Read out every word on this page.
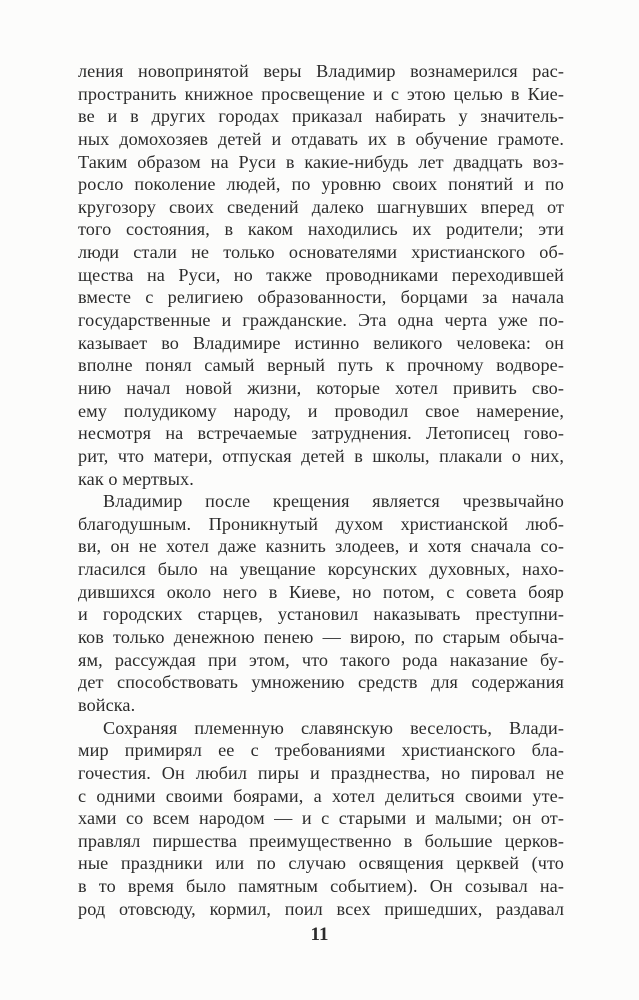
ления новопринятой веры Владимир вознамерился рас-
пространить книжное просвещение и с этою целью в Кие-
ве и в других городах приказал набирать у значитель-
ных домохозяев детей и отдавать их в обучение грамоте.
Таким образом на Руси в какие-нибудь лет двадцать воз-
росло поколение людей, по уровню своих понятий и по
кругозору своих сведений далеко шагнувших вперед от
того состояния, в каком находились их родители; эти
люди стали не только основателями христианского об-
щества на Руси, но также проводниками переходившей
вместе с религиею образованности, борцами за начала
государственные и гражданские. Эта одна черта уже по-
казывает во Владимире истинно великого человека: он
вполне понял самый верный путь к прочному водворе-
нию начал новой жизни, которые хотел привить сво-
ему полудикому народу, и проводил свое намерение,
несмотря на встречаемые затруднения. Летописец гово-
рит, что матери, отпуская детей в школы, плакали о них,
как о мертвых.
Владимир после крещения является чрезвычайно
благодушным. Проникнутый духом христианской люб-
ви, он не хотел даже казнить злодеев, и хотя сначала со-
гласился было на увещание корсунских духовных, нахо-
дившихся около него в Киеве, но потом, с совета бояр
и городских старцев, установил наказывать преступни-
ков только денежною пенею — вирою, по старым обыча-
ям, рассуждая при этом, что такого рода наказание бу-
дет способствовать умножению средств для содержания
войска.
Сохраняя племенную славянскую веселость, Влади-
мир примирял ее с требованиями христианского бла-
гочестия. Он любил пиры и празднества, но пировал не
с одними своими боярами, а хотел делиться своими уте-
хами со всем народом — и с старыми и малыми; он от-
правлял пиршества преимущественно в большие церков-
ные праздники или по случаю освящения церквей (что
в то время было памятным событием). Он созывал на-
род отовсюду, кормил, поил всех пришедших, раздавал
11
